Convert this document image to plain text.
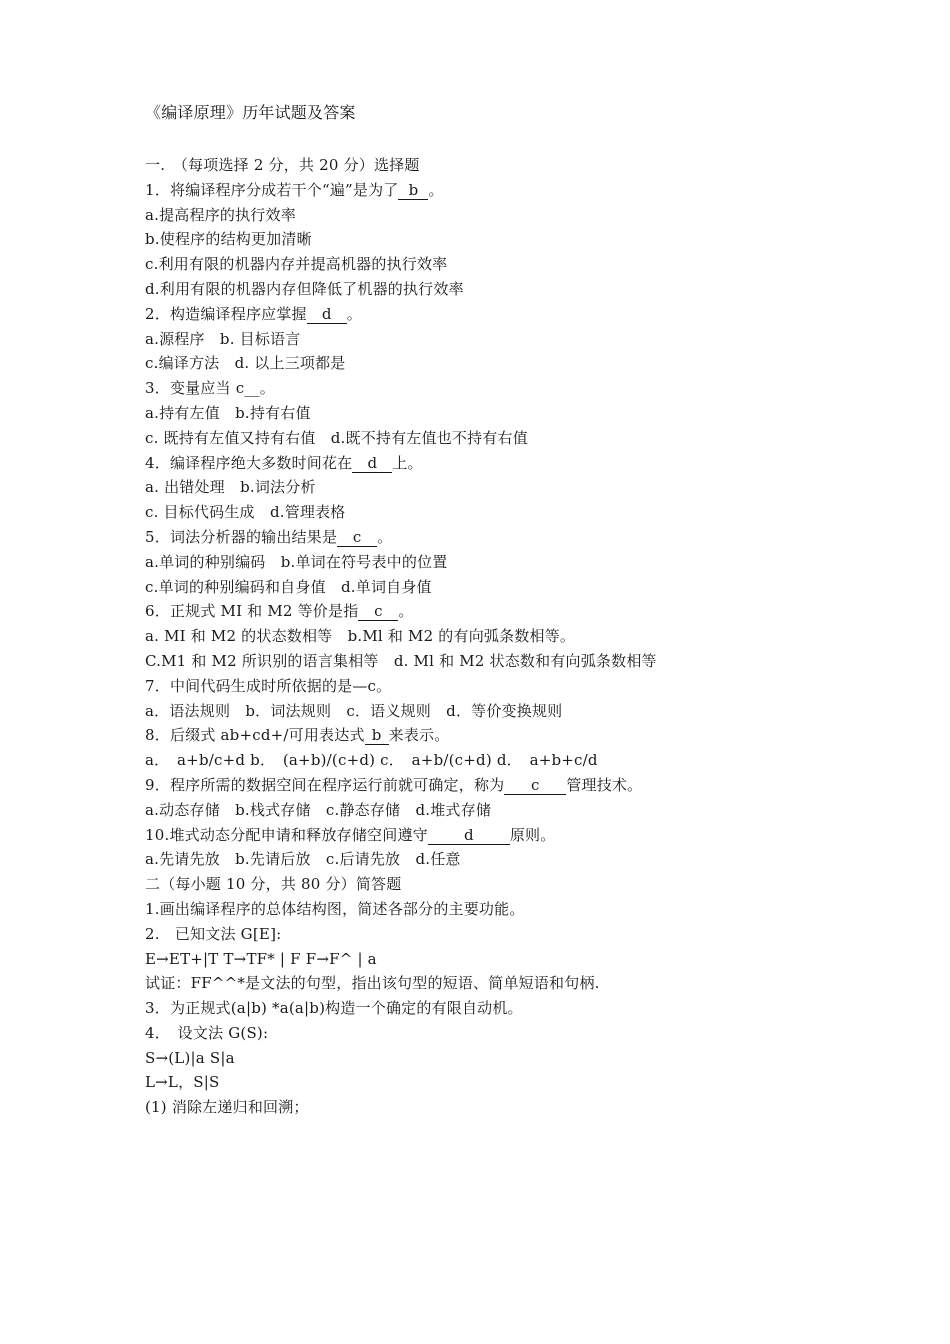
《编译原理》历年试题及答案
一.　（每项选择 2 分，共 20 分）选择题
1．将编译程序分成若干个“遍”是为了 b 。
a.提高程序的执行效率
b.使程序的结构更加清晰
c.利用有限的机器内存并提高机器的执行效率
d.利用有限的机器内存但降低了机器的执行效率
2．构造编译程序应掌握 d 。
a.源程序　b. 目标语言
c.编译方法　d. 以上三项都是
3．变量应当 c__。
a.持有左值　b.持有右值
c. 既持有左值又持有右值　d.既不持有左值也不持有右值
4．编译程序绝大多数时间花在 d 上。
a. 出错处理　b.词法分析
c. 目标代码生成　d.管理表格
5．词法分析器的输出结果是 c 。
a.单词的种别编码　b.单词在符号表中的位置
c.单词的种别编码和自身值　d.单词自身值
6．正规式 MI 和 M2 等价是指 c 。
a. MI 和 M2 的状态数相等　b.Ml 和 M2 的有向弧条数相等。
C.M1 和 M2 所识别的语言集相等　d. Ml 和 M2 状态数和有向弧条数相等
7．中间代码生成时所依据的是—c。
a．语法规则　b．词法规则　c．语义规则　d．等价变换规则
8．后缀式 ab+cd+/可用表达式 b 来表示。
a．　a+b/c+d b．　(a+b)/(c+d) c．　a+b/(c+d) d．　a+b+c/d
9．程序所需的数据空间在程序运行前就可确定，称为 c 管理技术。
a.动态存储　b.栈式存储　c.静态存储　d.堆式存储
10.堆式动态分配申请和释放存储空间遵守 d 原则。
a.先请先放　b.先请后放　c.后请先放　d.任意
二（每小题 10 分，共 80 分）简答题
1.画出编译程序的总体结构图，简述各部分的主要功能。
2.　已知文法 G[E]:
E→ET+|T T→TF* | F F→F^ | a
试证：FF^^*是文法的句型，指出该句型的短语、简单短语和句柄.
3．为正规式(a|b) *a(a|b)构造一个确定的有限自动机。
4．　设文法 G(S):
S→(L)|a S|a
L→L，S|S
(1) 消除左递归和回溯；
